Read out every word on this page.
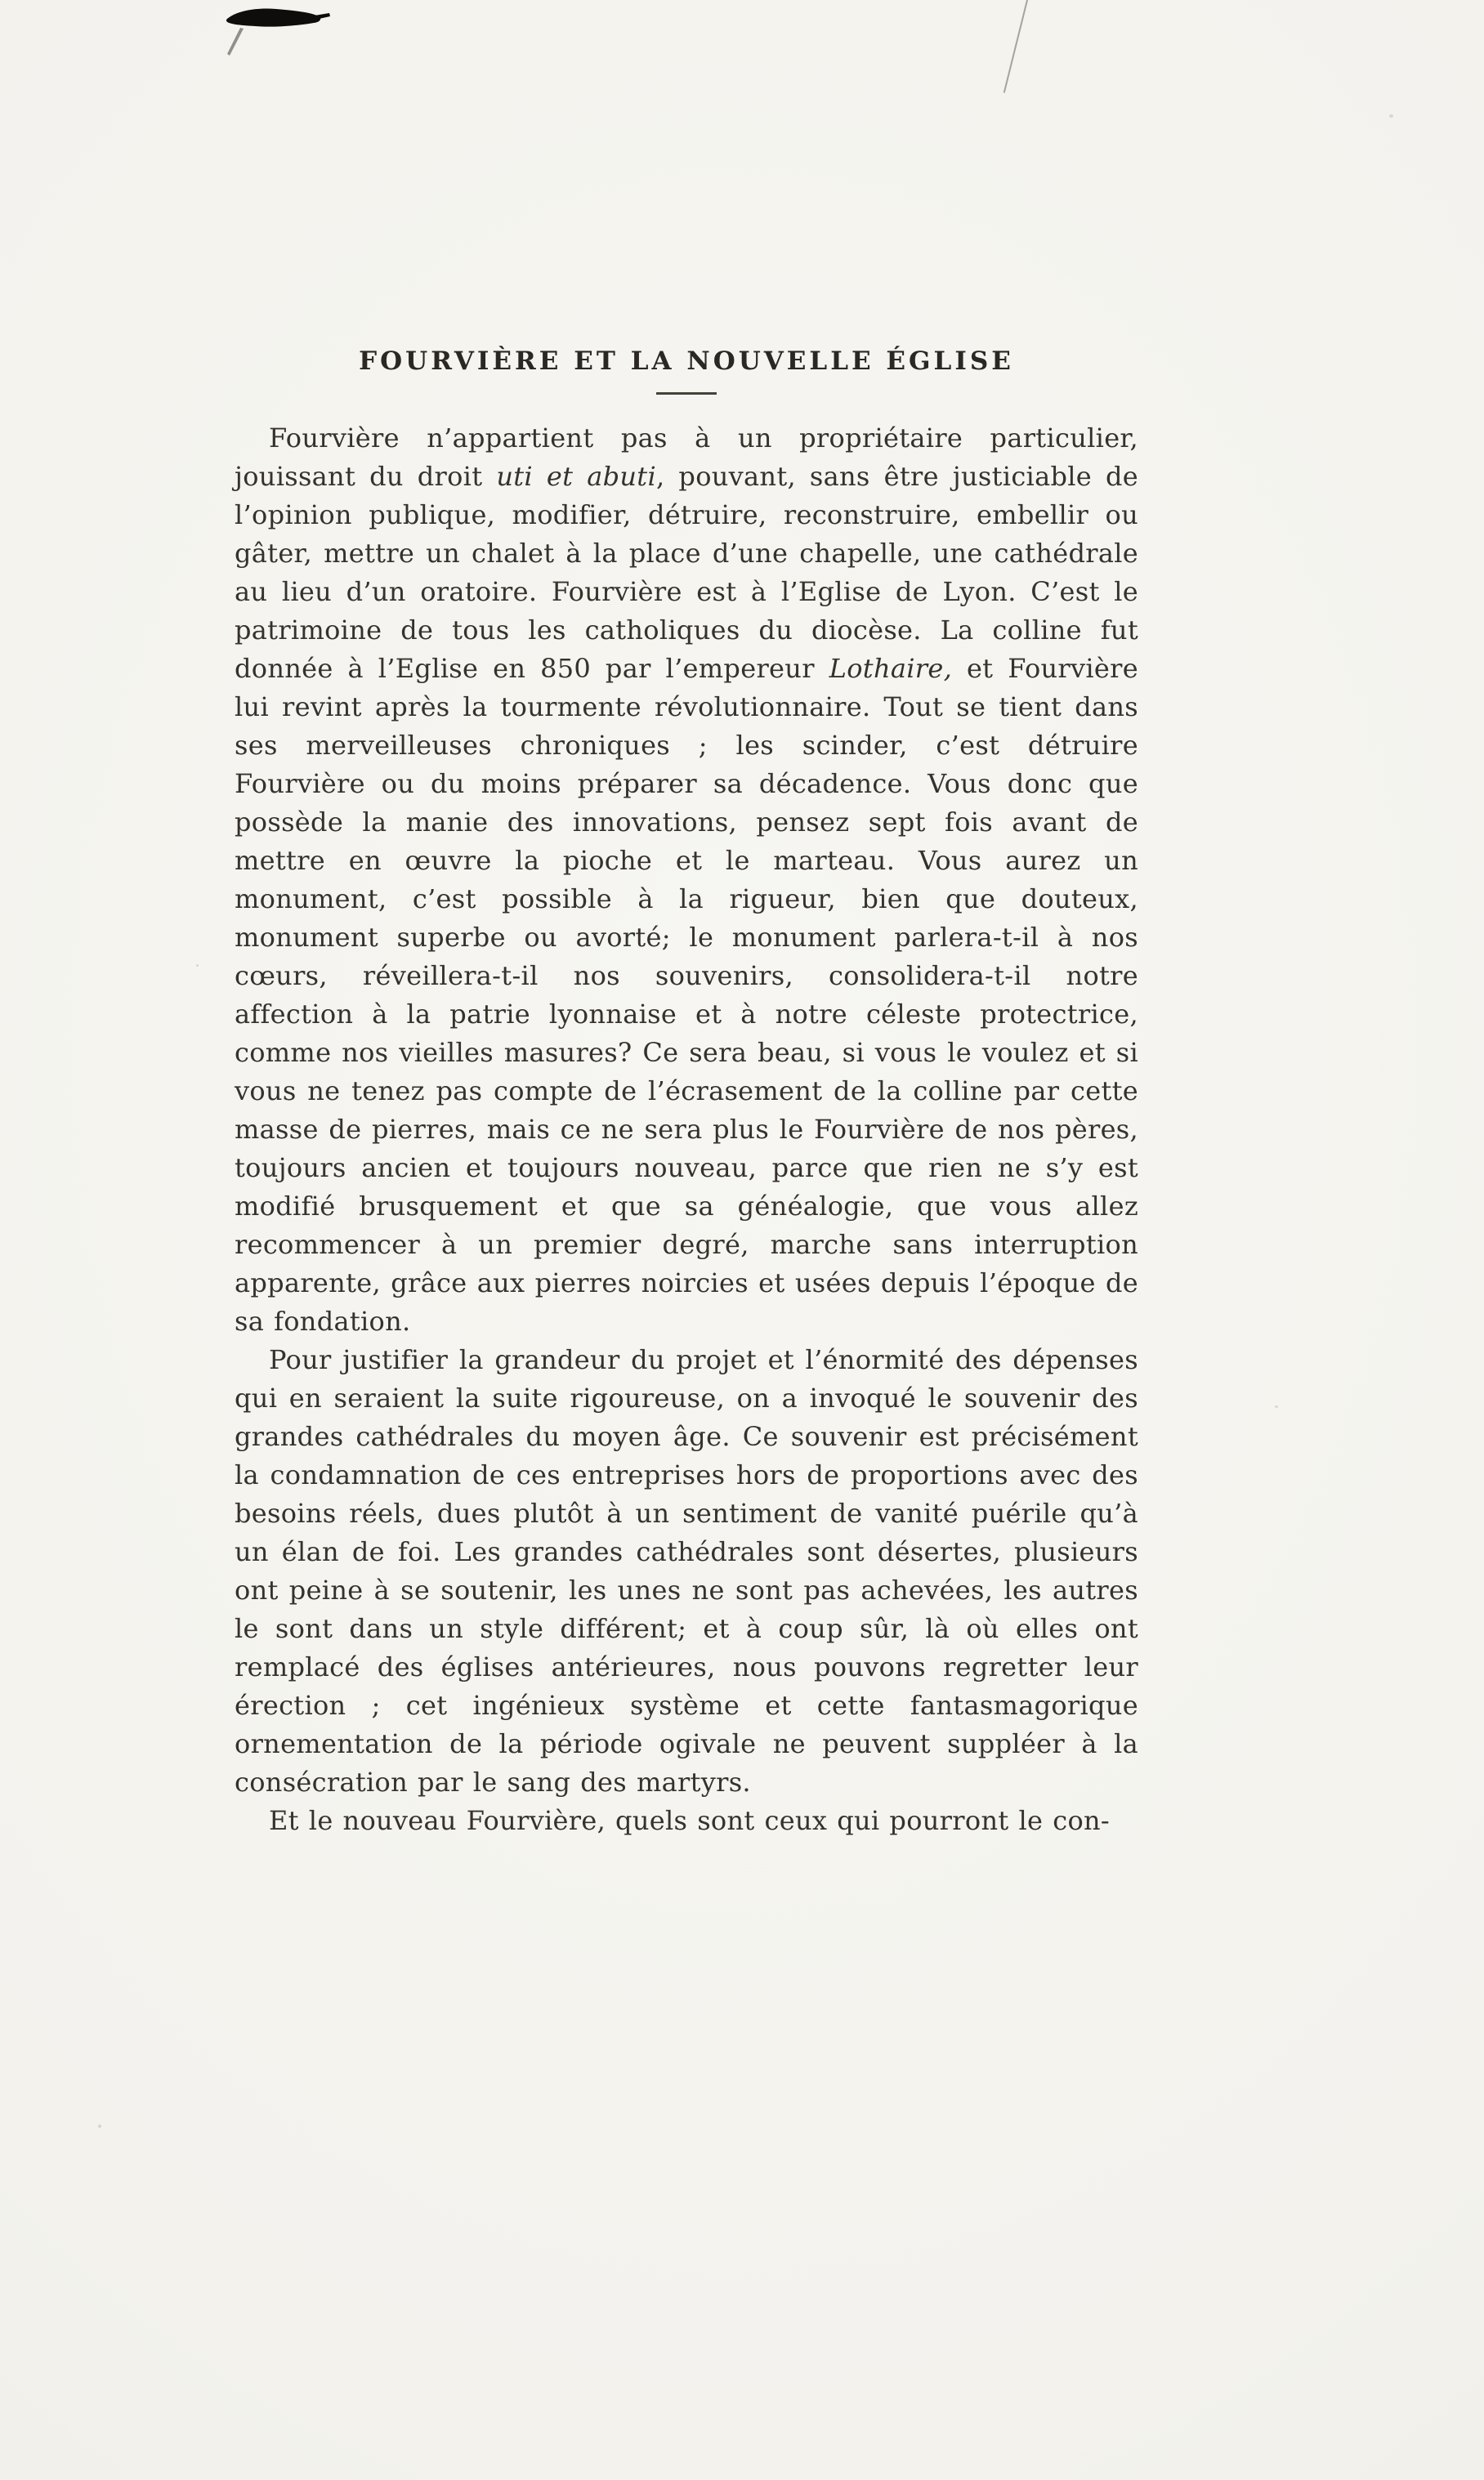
FOURVIÈRE ET LA NOUVELLE ÉGLISE

Fourvière n’appartient pas à un propriétaire particulier, jouissant du droit uti et abuti, pouvant, sans être justiciable de l’opinion publique, modifier, détruire, reconstruire, embellir ou gâter, mettre un chalet à la place d’une chapelle, une cathédrale au lieu d’un oratoire. Fourvière est à l’Eglise de Lyon. C’est le patrimoine de tous les catholiques du diocèse. La colline fut donnée à l’Eglise en 850 par l’empereur Lothaire, et Fourvière lui revint après la tourmente révolutionnaire. Tout se tient dans ses merveilleuses chroniques ; les scinder, c’est détruire Fourvière ou du moins préparer sa décadence. Vous donc que possède la manie des innovations, pensez sept fois avant de mettre en œuvre la pioche et le marteau. Vous aurez un monument, c’est possible à la rigueur, bien que douteux, monument superbe ou avorté; le monument parlera-t-il à nos cœurs, réveillera-t-il nos souvenirs, consolidera-t-il notre affection à la patrie lyonnaise et à notre céleste protectrice, comme nos vieilles masures? Ce sera beau, si vous le voulez et si vous ne tenez pas compte de l’écrasement de la colline par cette masse de pierres, mais ce ne sera plus le Fourvière de nos pères, toujours ancien et toujours nouveau, parce que rien ne s’y est modifié brusquement et que sa généalogie, que vous allez recommencer à un premier degré, marche sans interruption apparente, grâce aux pierres noircies et usées depuis l’époque de sa fondation.

Pour justifier la grandeur du projet et l’énormité des dépenses qui en seraient la suite rigoureuse, on a invoqué le souvenir des grandes cathédrales du moyen âge. Ce souvenir est précisément la condamnation de ces entreprises hors de proportions avec des besoins réels, dues plutôt à un sentiment de vanité puérile qu’à un élan de foi. Les grandes cathédrales sont désertes, plusieurs ont peine à se soutenir, les unes ne sont pas achevées, les autres le sont dans un style différent; et à coup sûr, là où elles ont remplacé des églises antérieures, nous pouvons regretter leur érection ; cet ingénieux système et cette fantasmagorique ornementation de la période ogivale ne peuvent suppléer à la consécration par le sang des martyrs.

Et le nouveau Fourvière, quels sont ceux qui pourront le con-
